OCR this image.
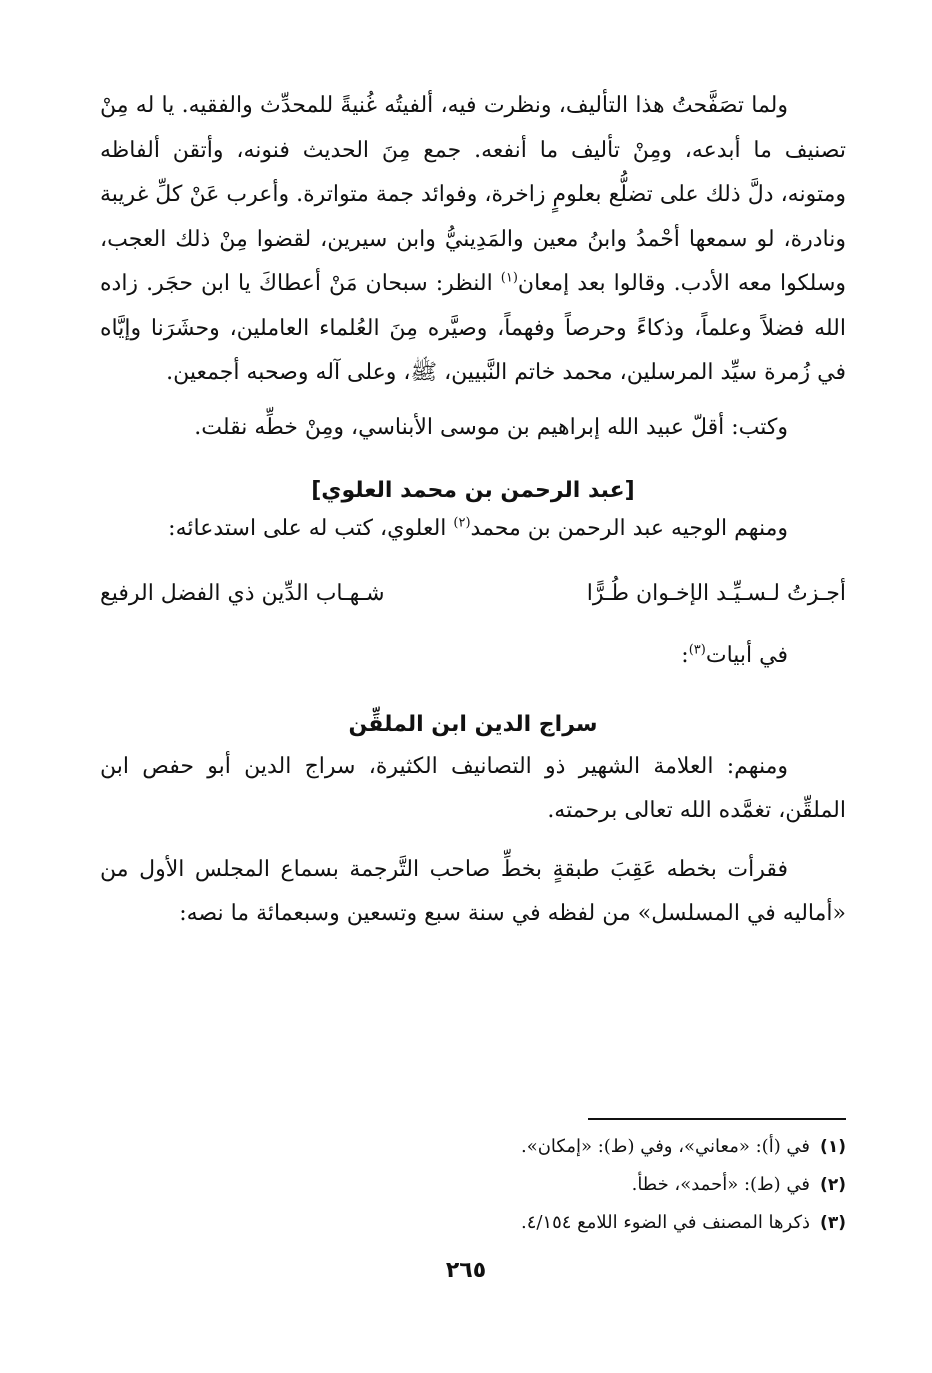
ولما تصَفَّحتُ هذا التأليف، ونظرت فيه، ألفيتُه غُنيةً للمحدِّث والفقيه. يا له مِنْ تصنيف ما أبدعه، ومِنْ تأليف ما أنفعه. جمع مِنَ الحديث فنونه، وأتقن ألفاظه ومتونه، دلَّ ذلك على تضلُّع بعلومٍ زاخرة، وفوائد جمة متواترة. وأعرب عَنْ كلِّ غريبة ونادرة، لو سمعها أحْمدُ وابنُ معين والمَدِينيُّ وابن سيرين، لقضوا مِنْ ذلك العجب، وسلكوا معه الأدب. وقالوا بعد إمعان$^{(١)}$ النظر: سبحان مَنْ أعطاكَ يا ابن حجَر. زاده الله فضلاً وعلماً، وذكاءً وحرصاً وفهماً، وصيَّره مِنَ العُلماء العاملين، وحشَرَنا وإيَّاه في زُمرة سيِّد المرسلين، محمد خاتم النَّبيين، ﷺ، وعلى آله وصحبه أجمعين.

وكتب: أقلّ عبيد الله إبراهيم بن موسى الأبناسي، ومِنْ خطِّه نقلت.

[عبد الرحمن بن محمد العلوي]

ومنهم الوجيه عبد الرحمن بن محمد$^{(٢)}$ العلوي، كتب له على استدعائه:

أجـزتُ لـسـيِّـد الإخـوان طُـرًّا
شـهـاب الدِّين ذي الفضل الرفيع

في أبيات$^{(٣)}$:

سراج الدين ابن الملقِّن

ومنهم: العلامة الشهير ذو التصانيف الكثيرة، سراج الدين أبو حفص ابن الملقِّن، تغمَّده الله تعالى برحمته.

فقرأت بخطه عَقِبَ طبقةٍ بخطِّ صاحب التَّرجمة بسماع المجلس الأول من «أماليه في المسلسل» من لفظه في سنة سبع وتسعين وسبعمائة ما نصه:

(١)في (أ): «معاني»، وفي (ط): «إمكان».
(٢)في (ط): «أحمد»، خطأ.
(٣)ذكرها المصنف في الضوء اللامع ٤/١٥٤.
٢٦٥
